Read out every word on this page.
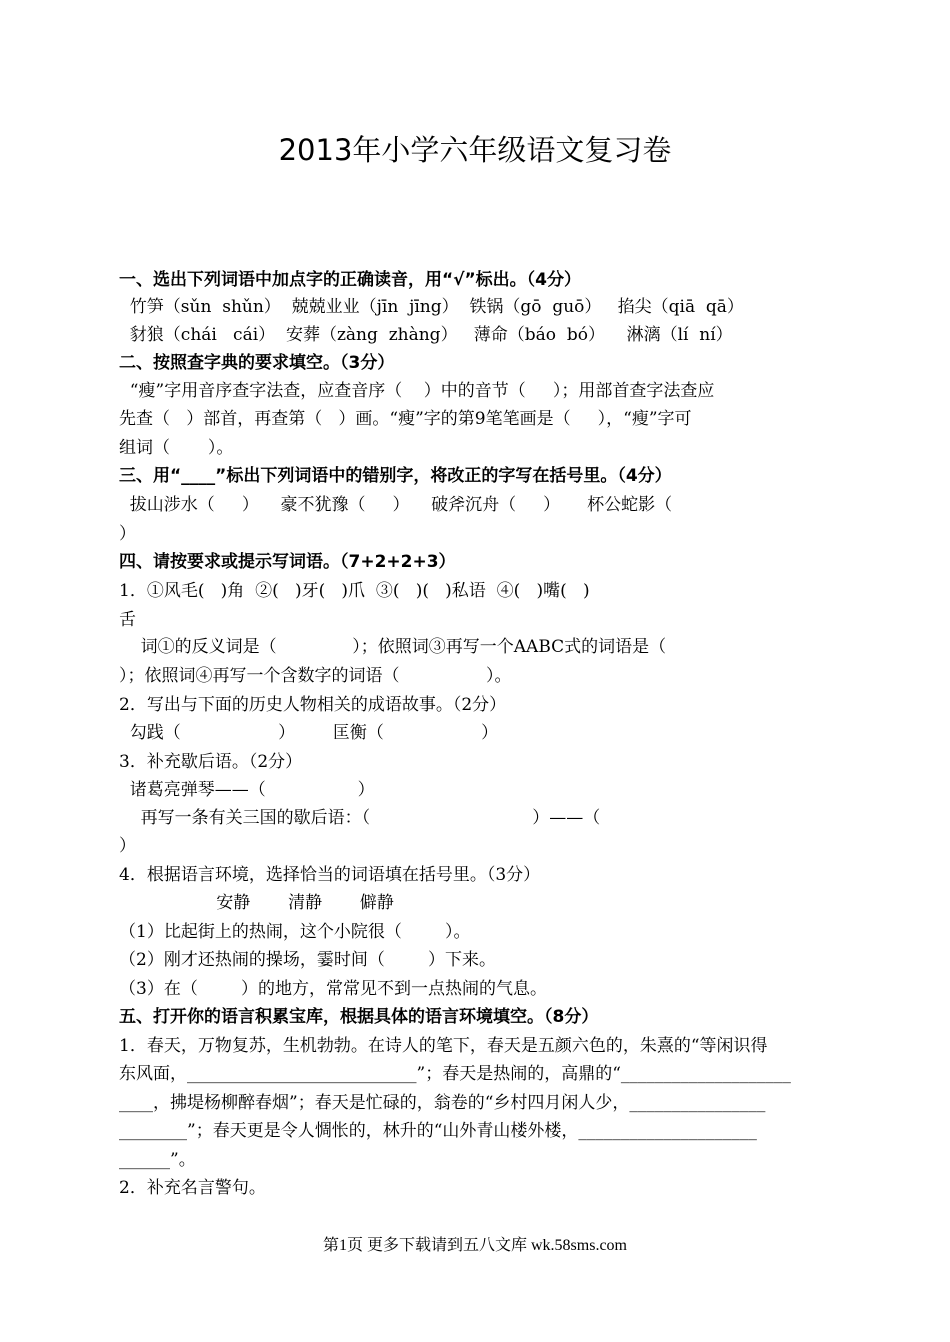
2013年小学六年级语文复习卷
一、选出下列词语中加点字的正确读音，用“√”标出。（4分）
竹笋（sǔn  shǔn）  兢兢业业（jīn  jīng）  铁锅（gō  guō）   掐尖（qiā  qā）
豺狼（chái   cái）  安葬（zàng  zhàng）   薄命（báo  bó）    淋漓（lí  ní）
二、按照查字典的要求填空。（3分）
“瘦”字用音序查字法查，应查音序（    ）中的音节（     ）；用部首查字法查应
先查（   ）部首，再查第（   ）画。“瘦”字的第9笔笔画是（     ），“瘦”字可
组词（       ）。
三、用“____”标出下列词语中的错别字，将改正的字写在括号里。（4分）
拔山涉水（     ）    豪不犹豫（     ）    破斧沉舟（     ）     杯公蛇影（
）
四、请按要求或提示写词语。（7+2+2+3）
1．①风毛(   )角  ②(   )牙(   )爪  ③(   )(   )私语  ④(   )嘴(   )
舌
词①的反义词是（              ）；依照词③再写一个AABC式的词语是（
）；依照词④再写一个含数字的词语（                ）。
2．写出与下面的历史人物相关的成语故事。（2分）
勾践（                  ）       匡衡（                  ）
3．补充歇后语。（2分）
诸葛亮弹琴——（                 ）
再写一条有关三国的歇后语：（                              ）——（
）
4．根据语言环境，选择恰当的词语填在括号里。（3分）
安静       清静       僻静
（1）比起街上的热闹，这个小院很（        ）。
（2）刚才还热闹的操场，霎时间（        ）下来。
（3）在（        ）的地方，常常见不到一点热闹的气息。
五、打开你的语言积累宝库，根据具体的语言环境填空。（8分）
1．春天，万物复苏，生机勃勃。在诗人的笔下，春天是五颜六色的，朱熹的“等闲识得
东风面，___________________________”；春天是热闹的，高鼎的“____________________
____，拂堤杨柳醉春烟”；春天是忙碌的，翁卷的“乡村四月闲人少，________________
________”；春天更是令人惆怅的，林升的“山外青山楼外楼，_____________________
______”。
2．补充名言警句。
第1页 更多下载请到五八文库 wk.58sms.com
